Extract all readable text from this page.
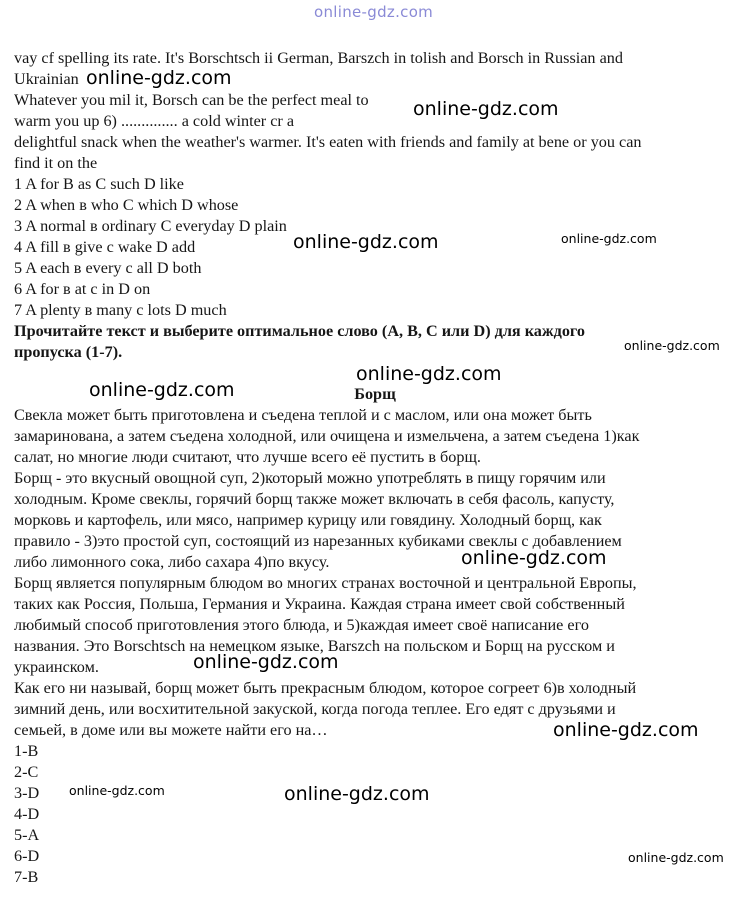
online-gdz.com
vay cf spelling its rate. It's Borschtsch ii German, Barszch in tolish and Borsch in Russian and
Ukrainian
Whatever you mil it, Borsch can be the perfect meal to
warm you up 6) .............. a cold winter cr a
delightful snack when the weather's warmer. It's eaten with friends and family at bene or you can
find it on the
1 A for B as C such D like
2 A when в who C which D whose
3 A normal в ordinary C everyday D plain
4 A fill в give с wake D add
5 A each в every с all D both
6 A for в at с in D on
7 A plenty в many с lots D much
Прочитайте текст и выберите оптимальное слово (A, B, C или D) для каждого
пропуска (1-7).
Борщ
Свекла может быть приготовлена и съедена теплой и с маслом, или она может быть
замаринована, а затем съедена холодной, или очищена и измельчена, а затем съедена 1)как
салат, но многие люди считают, что лучше всего её пустить в борщ.
Борщ - это вкусный овощной суп, 2)который можно употреблять в пищу горячим или
холодным. Кроме свеклы, горячий борщ также может включать в себя фасоль, капусту,
морковь и картофель, или мясо, например курицу или говядину. Холодный борщ, как
правило - 3)это простой суп, состоящий из нарезанных кубиками свеклы с добавлением
либо лимонного сока, либо сахара 4)по вкусу.
Борщ является популярным блюдом во многих странах восточной и центральной Европы,
таких как Россия, Польша, Германия и Украина. Каждая страна имеет свой собственный
любимый способ приготовления этого блюда, и 5)каждая имеет своё написание его
названия. Это Borschtsch на немецком языке, Barszch на польском и Борщ на русском и
украинском.
Как его ни называй, борщ может быть прекрасным блюдом, которое согреет 6)в холодный
зимний день, или восхитительной закуской, когда погода теплее. Его едят с друзьями и
семьей, в доме или вы можете найти его на…
1-B
2-C
3-D
4-D
5-A
6-D
7-B
online-gdz.com
online-gdz.com
online-gdz.com	online-gdz.com
online-gdz.com
online-gdz.com
online-gdz.com
online-gdz.com
online-gdz.com
online-gdz.com
online-gdz.com	online-gdz.com
online-gdz.com
